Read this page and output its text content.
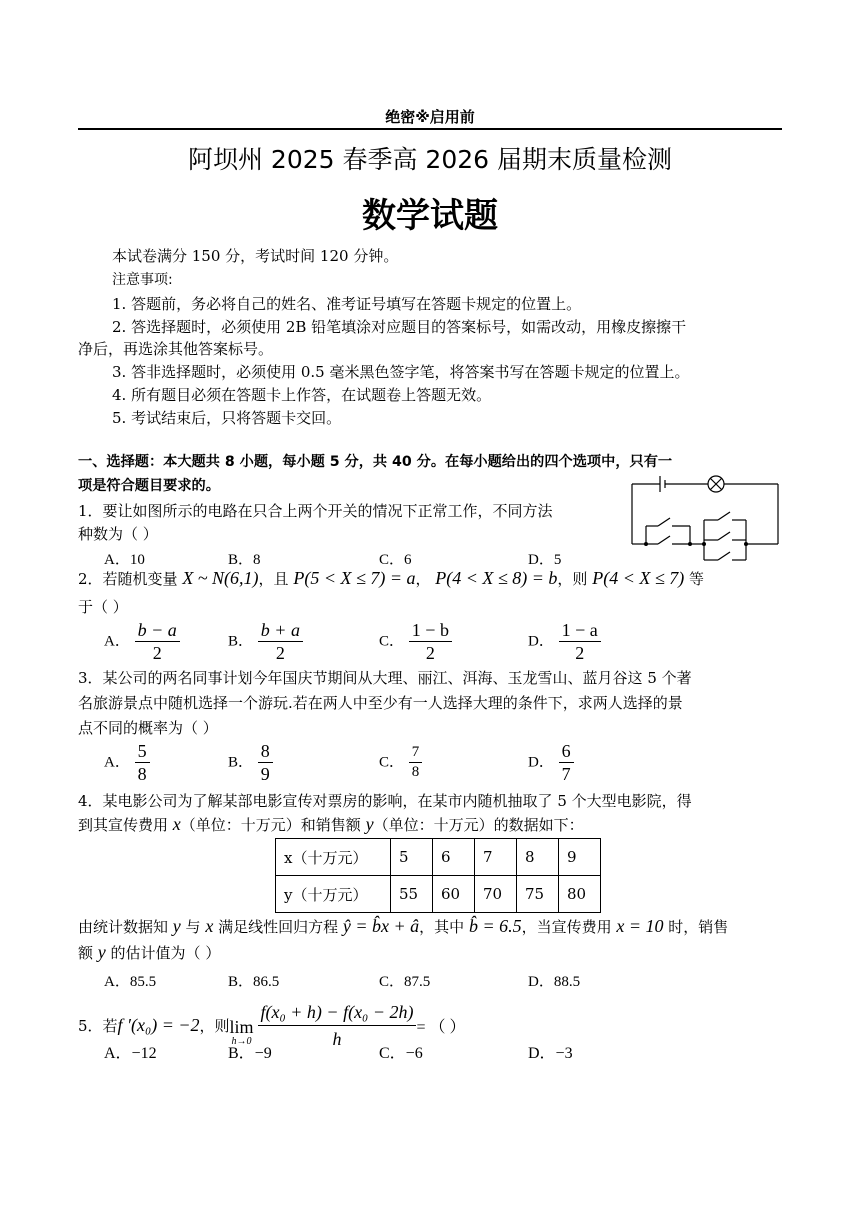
绝密※启用前
阿坝州 2025 春季高 2026 届期末质量检测
数学试题
本试卷满分 150 分，考试时间 120 分钟。
注意事项:
1. 答题前，务必将自己的姓名、准考证号填写在答题卡规定的位置上。
2. 答选择题时，必须使用 2B 铅笔填涂对应题目的答案标号，如需改动，用橡皮擦擦干
净后，再选涂其他答案标号。
3. 答非选择题时，必须使用 0.5 毫米黑色签字笔，将答案书写在答题卡规定的位置上。
4. 所有题目必须在答题卡上作答，在试题卷上答题无效。
5. 考试结束后，只将答题卡交回。
一、选择题：本大题共 8 小题，每小题 5 分，共 40 分。在每小题给出的四个选项中，只有一
项是符合题目要求的。
1．要让如图所示的电路在只合上两个开关的情况下正常工作，不同方法
种数为（ ）
A．10	B．8	C．6	D．5
2．若随机变量 X ~ N(6,1)，且 P(5 < X ≤ 7) = a， P(4 < X ≤ 8) = b，则 P(4 < X ≤ 7) 等
于（ ）
A． $\frac{b - a}{2}$	B． $\frac{b + a}{2}$	C． $\frac{1 - b}{2}$	D． $\frac{1 - a}{2}$
3．某公司的两名同事计划今年国庆节期间从大理、丽江、洱海、玉龙雪山、蓝月谷这 5 个著
名旅游景点中随机选择一个游玩.若在两人中至少有一人选择大理的条件下，求两人选择的景
点不同的概率为（ ）
A． $\frac{5}{8}$	B． $\frac{8}{9}$	C． $\frac{7}{8}$	D． $\frac{6}{7}$
4．某电影公司为了解某部电影宣传对票房的影响，在某市内随机抽取了 5 个大型电影院，得
到其宣传费用 x（单位：十万元）和销售额 y（单位：十万元）的数据如下：
x（十万元）	5	6	7	8	9
y（十万元）	55	60	70	75	80
由统计数据知 y 与 x 满足线性回归方程 ŷ = b̂x + â，其中 b̂ = 6.5，当宣传费用 x = 10 时，销售
额 y 的估计值为（ ）
A．85.5	B．86.5	C．87.5	D．88.5
5．若 f ′(x₀) = −2 ，则 lim
$h\to 0 \frac{\text{f(x₀ + h) − f(x₀ − 2h)}}{h}$ = （ ）
A．−12	B．−9	C．−6	D．−3
